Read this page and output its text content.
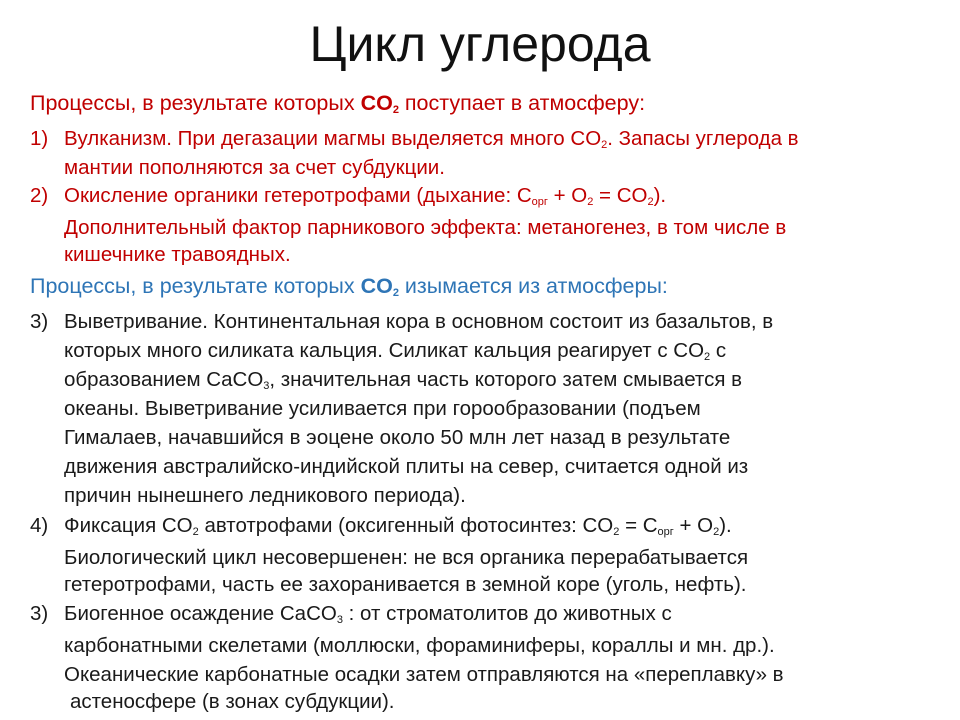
Цикл углерода
Процессы, в результате которых $CO_2$ поступает в атмосферу:
1) Вулканизм. При дегазации магмы выделяется много $CO_2$. Запасы углерода в
мантии пополняются за счет субдукции.
2) Окисление органики гетеротрофами (дыхание: $C_{орг} + O_2 = CO_2$).
Дополнительный фактор парникового эффекта: метаногенез, в том числе в
кишечнике травоядных.
Процессы, в результате которых $CO_2$ изымается из атмосферы:
3) Выветривание. Континентальная кора в основном состоит из базальтов, в
которых много силиката кальция. Силикат кальция реагирует с $CO_2$ с
образованием CaCO$_3$, значительная часть которого затем смывается в
океаны. Выветривание усиливается при горообразовании (подъем
Гималаев, начавшийся в эоцене около 50 млн лет назад в результате
движения австралийско-индийской плиты на север, считается одной из
причин нынешнего ледникового периода).
4) Фиксация $CO_2$ автотрофами (оксигенный фотосинтез: $CO_2 = C_{орг} + O_2$).
Биологический цикл несовершенен: не вся органика перерабатывается
гетеротрофами, часть ее захоранивается в земной коре (уголь, нефть).
3) Биогенное осаждение CaCO$_3$ : от строматолитов до животных с
карбонатными скелетами (моллюски, фораминиферы, кораллы и мн. др.).
Океанические карбонатные осадки затем отправляются на «переплавку» в
астеносфере (в зонах субдукции).
